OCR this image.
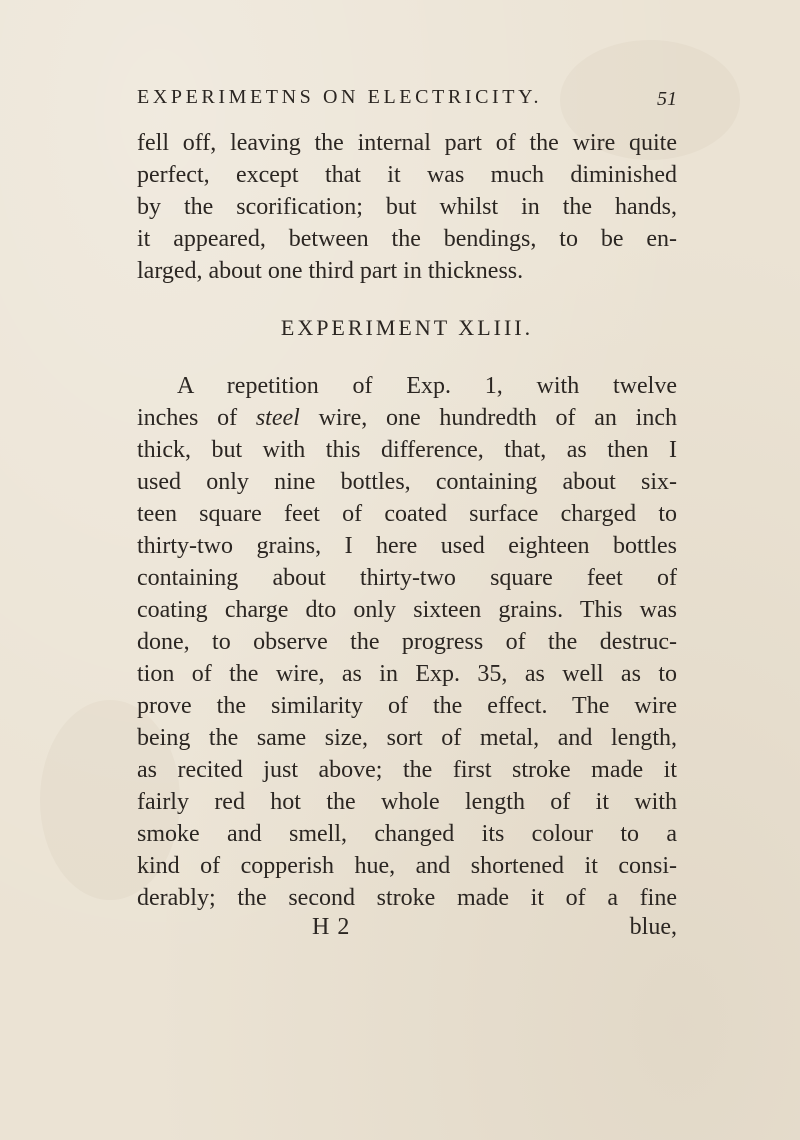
EXPERIMETNS ON ELECTRICITY.	51
fell off, leaving the internal part of the wire quite
perfect, except that it was much diminished
by the scorification; but whilst in the hands,
it appeared, between the bendings, to be en-
larged, about one third part in thickness.
EXPERIMENT XLIII.
A repetition of Exp. 1, with twelve
inches of steel wire, one hundredth of an inch
thick, but with this difference, that, as then I
used only nine bottles, containing about six-
teen square feet of coated surface charged to
thirty-two grains, I here used eighteen bottles
containing about thirty-two square feet of
coating charge dto only sixteen grains. This was
done, to observe the progress of the destruc-
tion of the wire, as in Exp. 35, as well as to
prove the similarity of the effect. The wire
being the same size, sort of metal, and length,
as recited just above; the first stroke made it
fairly red hot the whole length of it with
smoke and smell, changed its colour to a
kind of copperish hue, and shortened it consi-
derably; the second stroke made it of a fine
H 2	blue,
